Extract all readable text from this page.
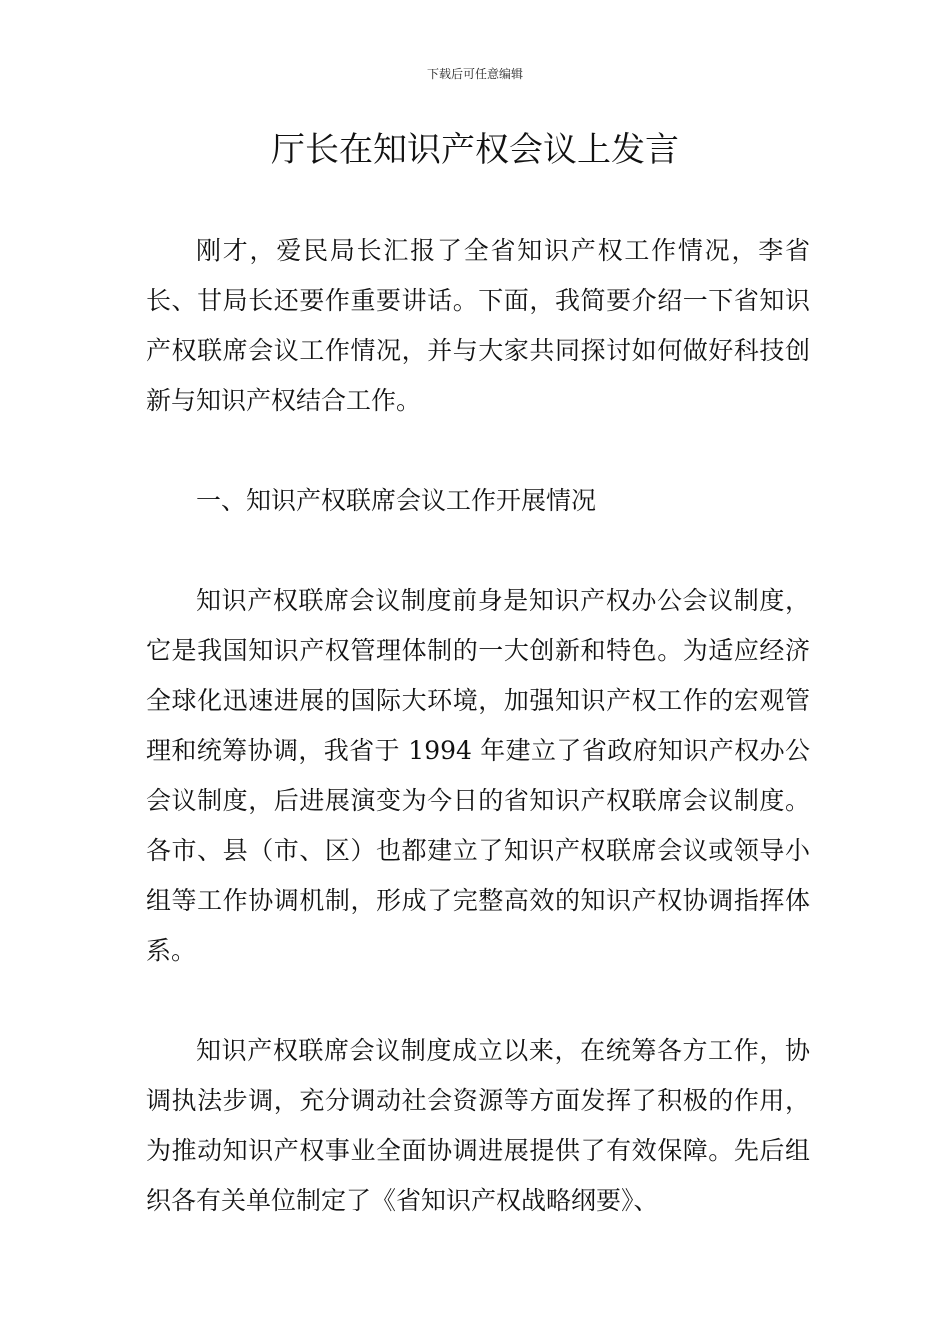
下载后可任意编辑
厅长在知识产权会议上发言

刚才，爱民局长汇报了全省知识产权工作情况，李省长、甘局长还要作重要讲话。下面，我简要介绍一下省知识产权联席会议工作情况，并与大家共同探讨如何做好科技创新与知识产权结合工作。

一、知识产权联席会议工作开展情况

知识产权联席会议制度前身是知识产权办公会议制度，它是我国知识产权管理体制的一大创新和特色。为适应经济全球化迅速进展的国际大环境，加强知识产权工作的宏观管理和统筹协调，我省于 1994 年建立了省政府知识产权办公会议制度，后进展演变为今日的省知识产权联席会议制度。各市、县（市、区）也都建立了知识产权联席会议或领导小组等工作协调机制，形成了完整高效的知识产权协调指挥体系。

知识产权联席会议制度成立以来，在统筹各方工作，协调执法步调，充分调动社会资源等方面发挥了积极的作用，为推动知识产权事业全面协调进展提供了有效保障。先后组织各有关单位制定了《省知识产权战略纲要》、
